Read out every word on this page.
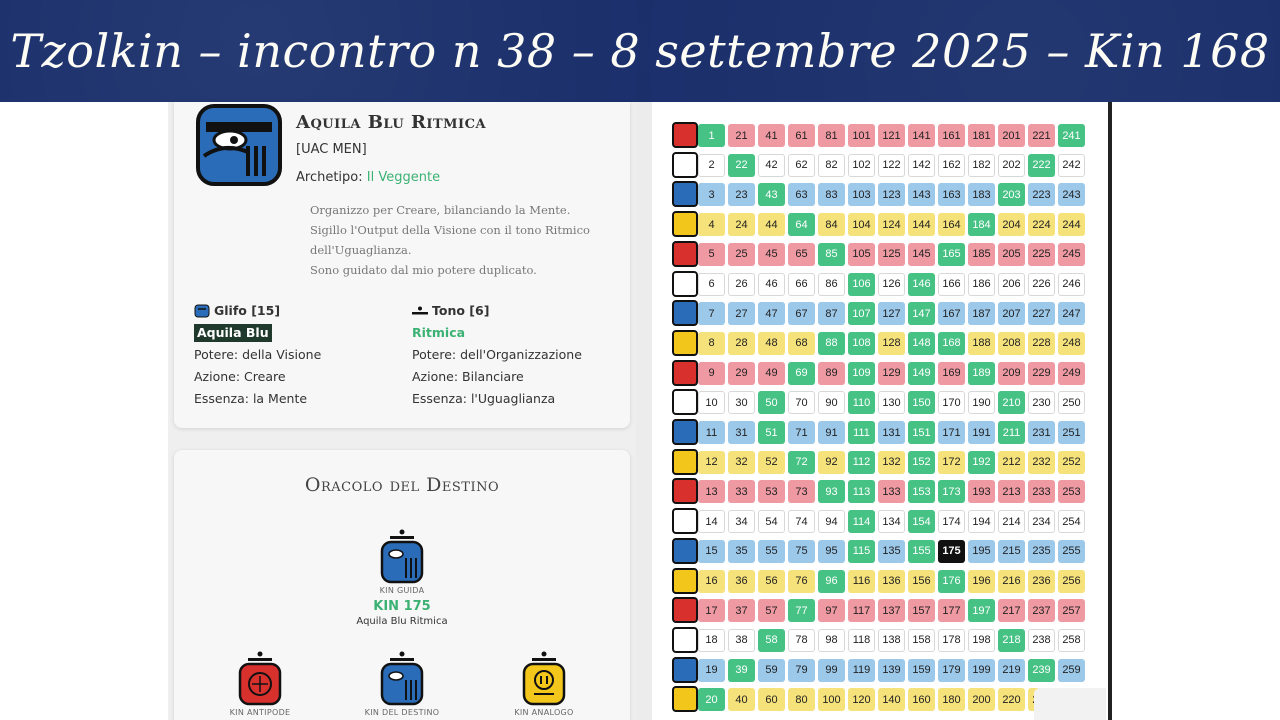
Tzolkin – incontro n 38 – 8 settembre 2025 – Kin 168
Aquila Blu Ritmica
[UAC MEN]
Archetipo: Il Veggente
Organizzo per Creare, bilanciando la Mente.
Sigillo l'Output della Visione con il tono Ritmico
dell'Uguaglianza.
Sono guidato dal mio potere duplicato.
Glifo [15]
Aquila Blu
Potere: della Visione
Azione: Creare
Essenza: la Mente
Tono [6]
Ritmica
Potere: dell'Organizzazione
Azione: Bilanciare
Essenza: l'Uguaglianza
Oracolo del Destino
KIN GUIDA
KIN 175
Aquila Blu Ritmica
KIN ANTIPODE	KIN DEL DESTINO	KIN ANALOGO
1	21	41	61	81	101	121	141	161	181	201	221	241
2	22	42	62	82	102	122	142	162	182	202	222	242
3	23	43	63	83	103	123	143	163	183	203	223	243
4	24	44	64	84	104	124	144	164	184	204	224	244
5	25	45	65	85	105	125	145	165	185	205	225	245
6	26	46	66	86	106	126	146	166	186	206	226	246
7	27	47	67	87	107	127	147	167	187	207	227	247
8	28	48	68	88	108	128	148	168	188	208	228	248
9	29	49	69	89	109	129	149	169	189	209	229	249
10	30	50	70	90	110	130	150	170	190	210	230	250
11	31	51	71	91	111	131	151	171	191	211	231	251
12	32	52	72	92	112	132	152	172	192	212	232	252
13	33	53	73	93	113	133	153	173	193	213	233	253
14	34	54	74	94	114	134	154	174	194	214	234	254
15	35	55	75	95	115	135	155	175	195	215	235	255
16	36	56	76	96	116	136	156	176	196	216	236	256
17	37	57	77	97	117	137	157	177	197	217	237	257
18	38	58	78	98	118	138	158	178	198	218	238	258
19	39	59	79	99	119	139	159	179	199	219	239	259
20	40	60	80	100	120	140	160	180	200	220
